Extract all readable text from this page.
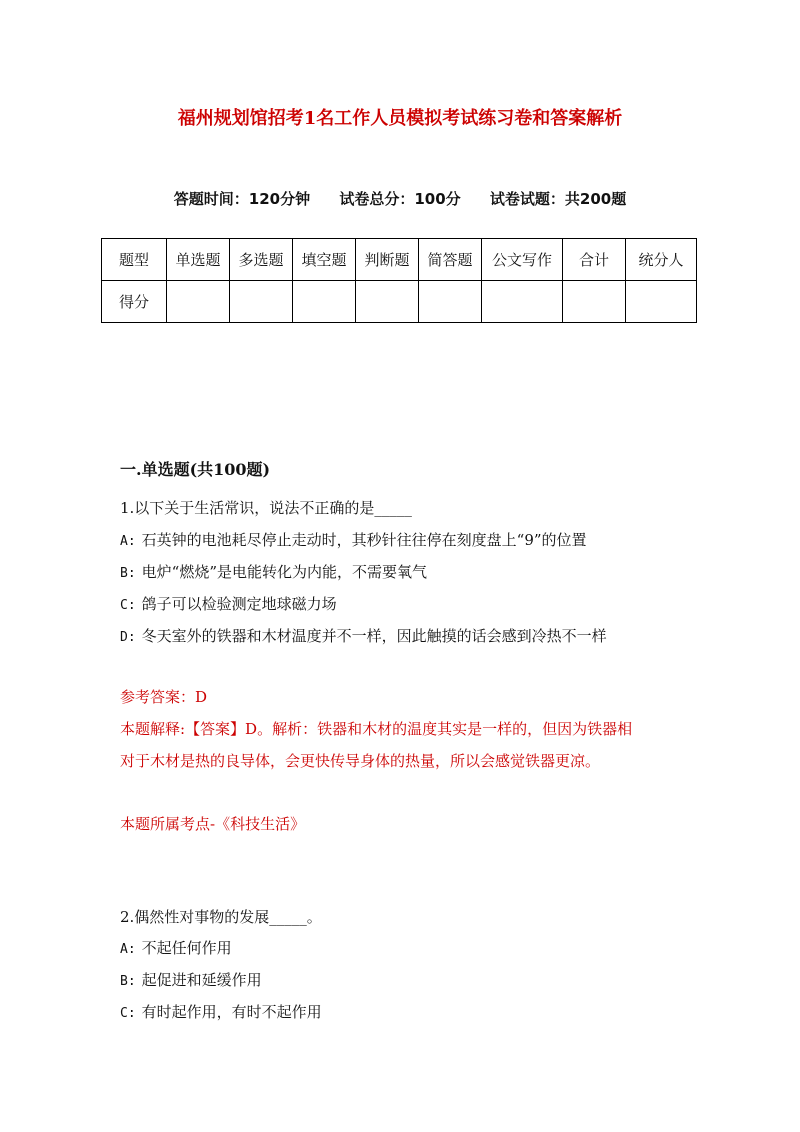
福州规划馆招考1名工作人员模拟考试练习卷和答案解析
答题时间：120分钟 试卷总分：100分 试卷试题：共200题
题型	单选题	多选题	填空题	判断题	简答题	公文写作	合计	统分人
得分								
一.单选题(共100题)
1.以下关于生活常识，说法不正确的是_____
A: 石英钟的电池耗尽停止走动时，其秒针往往停在刻度盘上“9”的位置
B: 电炉“燃烧”是电能转化为内能，不需要氧气
C: 鸽子可以检验测定地球磁力场
D: 冬天室外的铁器和木材温度并不一样，因此触摸的话会感到冷热不一样
参考答案：D
本题解释:【答案】D。解析：铁器和木材的温度其实是一样的，但因为铁器相
对于木材是热的良导体，会更快传导身体的热量，所以会感觉铁器更凉。
本题所属考点-《科技生活》
2.偶然性对事物的发展_____。
A: 不起任何作用
B: 起促进和延缓作用
C: 有时起作用，有时不起作用
